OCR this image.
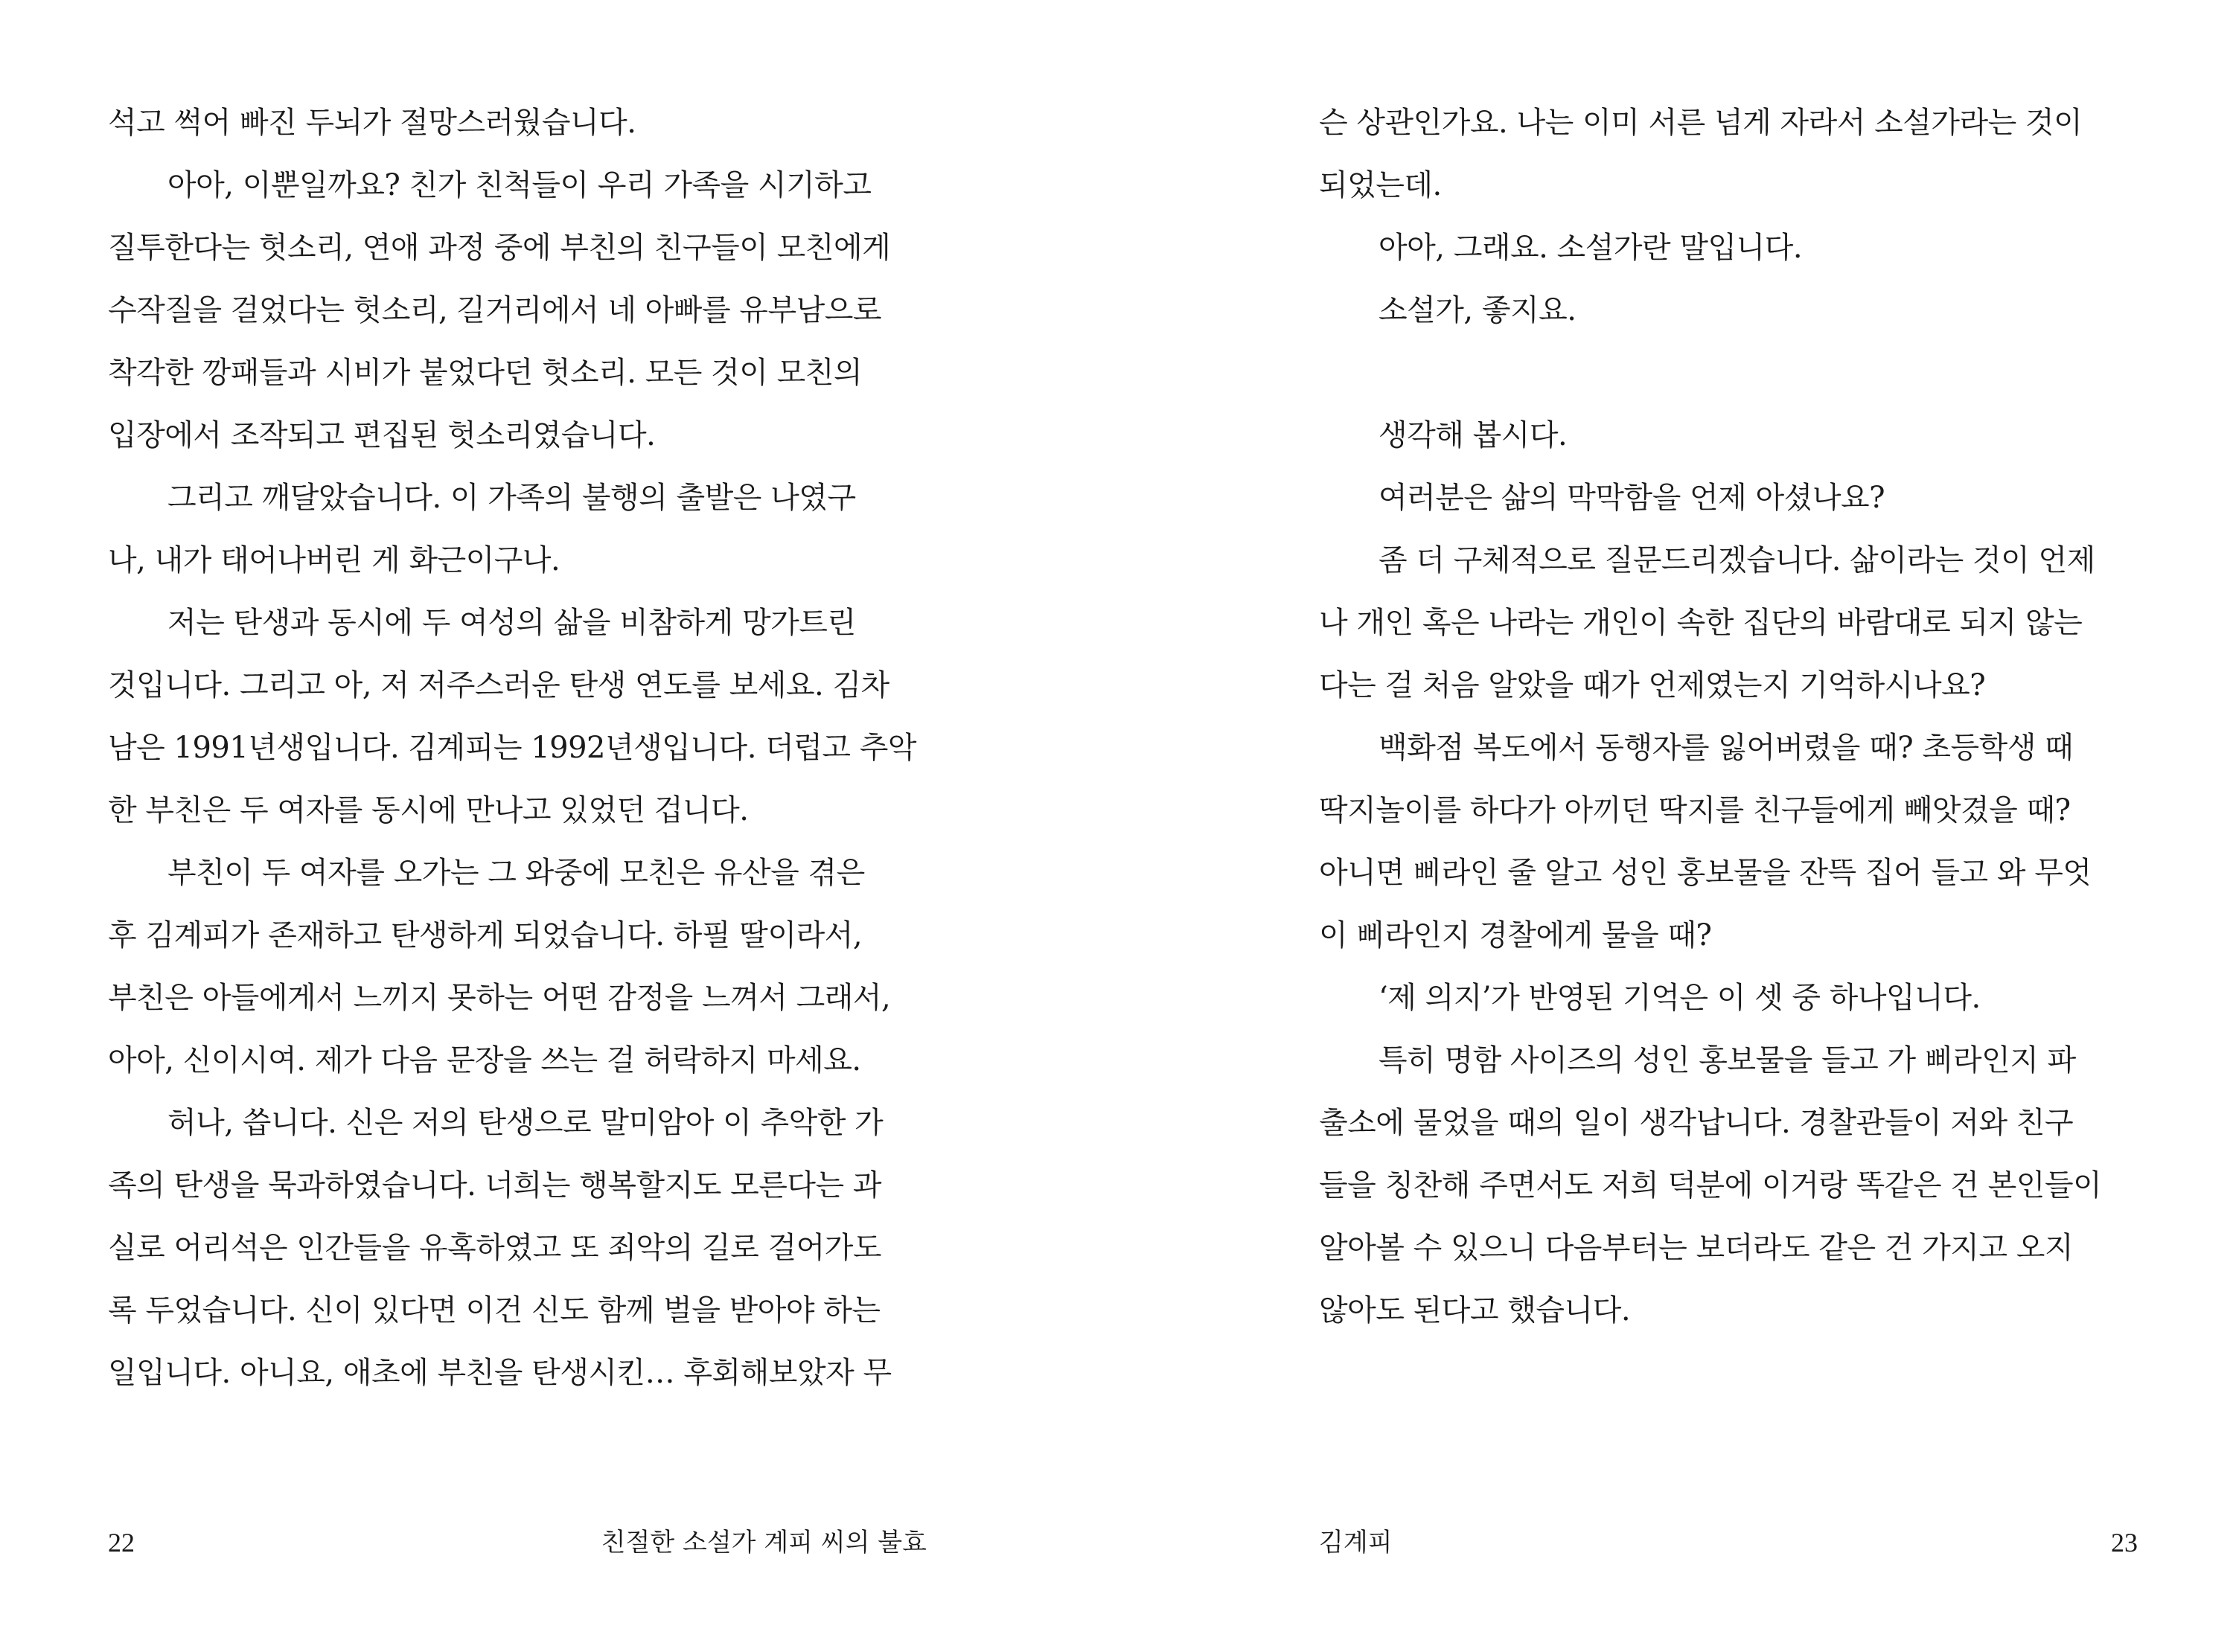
석고 썩어 빠진 두뇌가 절망스러웠습니다.
아아, 이뿐일까요? 친가 친척들이 우리 가족을 시기하고
질투한다는 헛소리, 연애 과정 중에 부친의 친구들이 모친에게
수작질을 걸었다는 헛소리, 길거리에서 네 아빠를 유부남으로
착각한 깡패들과 시비가 붙었다던 헛소리. 모든 것이 모친의
입장에서 조작되고 편집된 헛소리였습니다.
그리고 깨달았습니다. 이 가족의 불행의 출발은 나였구
나, 내가 태어나버린 게 화근이구나.
저는 탄생과 동시에 두 여성의 삶을 비참하게 망가트린
것입니다. 그리고 아, 저 저주스러운 탄생 연도를 보세요. 김차
남은 1991년생입니다. 김계피는 1992년생입니다. 더럽고 추악
한 부친은 두 여자를 동시에 만나고 있었던 겁니다.
부친이 두 여자를 오가는 그 와중에 모친은 유산을 겪은
후 김계피가 존재하고 탄생하게 되었습니다. 하필 딸이라서,
부친은 아들에게서 느끼지 못하는 어떤 감정을 느껴서 그래서,
아아, 신이시여. 제가 다음 문장을 쓰는 걸 허락하지 마세요.
허나, 씁니다. 신은 저의 탄생으로 말미암아 이 추악한 가
족의 탄생을 묵과하였습니다. 너희는 행복할지도 모른다는 과
실로 어리석은 인간들을 유혹하였고 또 죄악의 길로 걸어가도
록 두었습니다. 신이 있다면 이건 신도 함께 벌을 받아야 하는
일입니다. 아니요, 애초에 부친을 탄생시킨… 후회해보았자 무
22	친절한 소설가 계피 씨의 불효
슨 상관인가요. 나는 이미 서른 넘게 자라서 소설가라는 것이
되었는데.
아아, 그래요. 소설가란 말입니다.
소설가, 좋지요.
생각해 봅시다.
여러분은 삶의 막막함을 언제 아셨나요?
좀 더 구체적으로 질문드리겠습니다. 삶이라는 것이 언제
나 개인 혹은 나라는 개인이 속한 집단의 바람대로 되지 않는
다는 걸 처음 알았을 때가 언제였는지 기억하시나요?
백화점 복도에서 동행자를 잃어버렸을 때? 초등학생 때
딱지놀이를 하다가 아끼던 딱지를 친구들에게 빼앗겼을 때?
아니면 삐라인 줄 알고 성인 홍보물을 잔뜩 집어 들고 와 무엇
이 삐라인지 경찰에게 물을 때?
‘제 의지’가 반영된 기억은 이 셋 중 하나입니다.
특히 명함 사이즈의 성인 홍보물을 들고 가 삐라인지 파
출소에 물었을 때의 일이 생각납니다. 경찰관들이 저와 친구
들을 칭찬해 주면서도 저희 덕분에 이거랑 똑같은 건 본인들이
알아볼 수 있으니 다음부터는 보더라도 같은 건 가지고 오지
않아도 된다고 했습니다.
김계피	23
